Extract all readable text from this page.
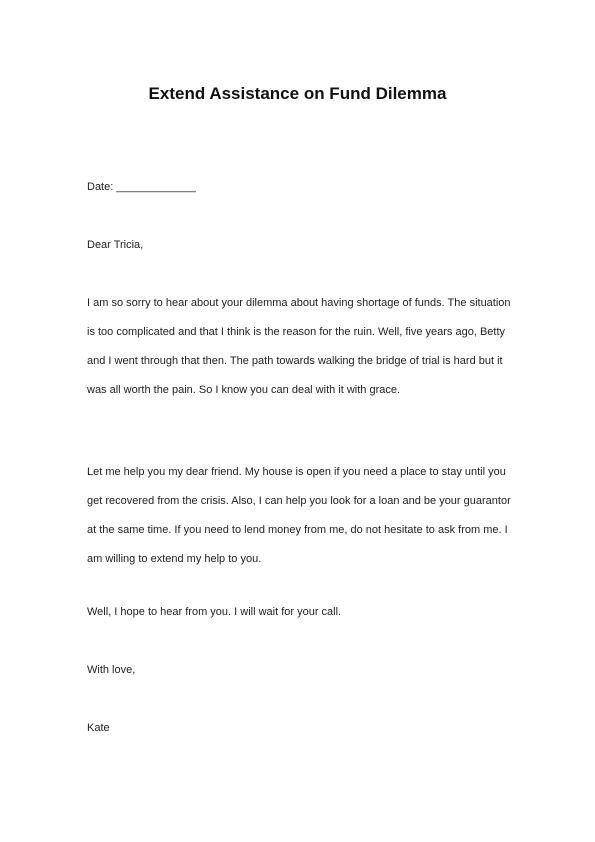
Extend Assistance on Fund Dilemma

Date: _____________

Dear Tricia,

I am so sorry to hear about your dilemma about having shortage of funds. The situation is too complicated and that I think is the reason for the ruin. Well, five years ago, Betty and I went through that then. The path towards walking the bridge of trial is hard but it was all worth the pain. So I know you can deal with it with grace.

Let me help you my dear friend. My house is open if you need a place to stay until you get recovered from the crisis. Also, I can help you look for a loan and be your guarantor at the same time. If you need to lend money from me, do not hesitate to ask from me. I am willing to extend my help to you.

Well, I hope to hear from you. I will wait for your call.

With love,

Kate
